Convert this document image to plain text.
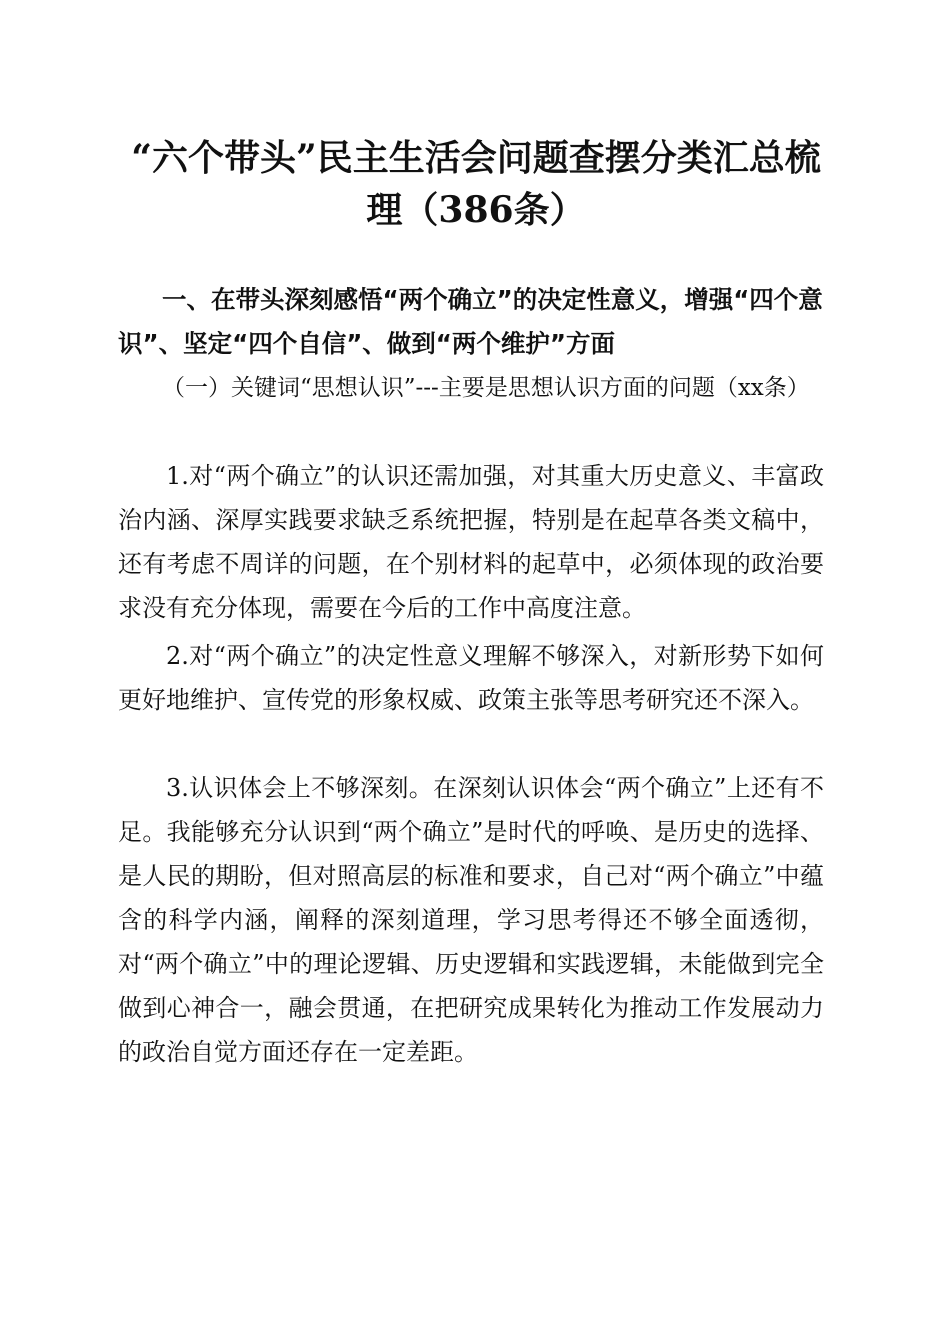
“六个带头”民主生活会问题查摆分类汇总梳理（386条）

一、在带头深刻感悟“两个确立”的决定性意义，增强“四个意识”、坚定“四个自信”、做到“两个维护”方面

（一）关键词“思想认识”---主要是思想认识方面的问题（xx条）

1.对“两个确立”的认识还需加强，对其重大历史意义、丰富政治内涵、深厚实践要求缺乏系统把握，特别是在起草各类文稿中，还有考虑不周详的问题，在个别材料的起草中，必须体现的政治要求没有充分体现，需要在今后的工作中高度注意。

2.对“两个确立”的决定性意义理解不够深入，对新形势下如何更好地维护、宣传党的形象权威、政策主张等思考研究还不深入。

3.认识体会上不够深刻。在深刻认识体会“两个确立”上还有不足。我能够充分认识到“两个确立”是时代的呼唤、是历史的选择、是人民的期盼，但对照高层的标准和要求，自己对“两个确立”中蕴含的科学内涵，阐释的深刻道理，学习思考得还不够全面透彻，对“两个确立”中的理论逻辑、历史逻辑和实践逻辑，未能做到完全做到心神合一，融会贯通，在把研究成果转化为推动工作发展动力的政治自觉方面还存在一定差距。
